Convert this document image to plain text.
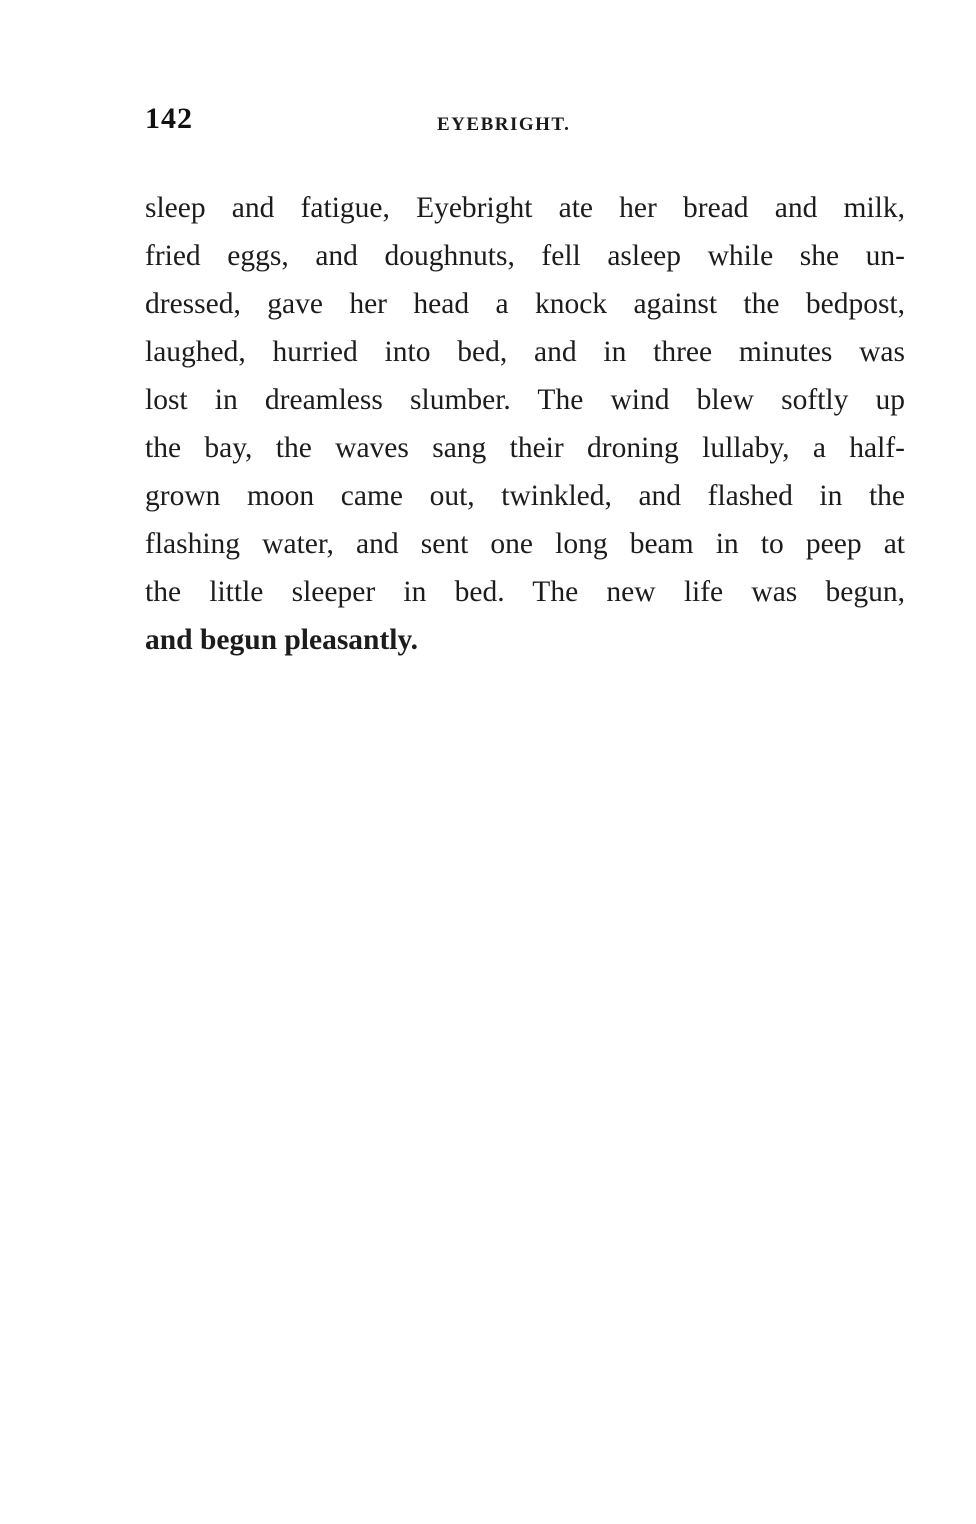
142	EYEBRIGHT.
sleep and fatigue, Eyebright ate her bread and milk,
fried eggs, and doughnuts, fell asleep while she un-
dressed, gave her head a knock against the bedpost,
laughed, hurried into bed, and in three minutes was
lost in dreamless slumber. The wind blew softly up
the bay, the waves sang their droning lullaby, a half-
grown moon came out, twinkled, and flashed in the
flashing water, and sent one long beam in to peep at
the little sleeper in bed. The new life was begun,
and begun pleasantly.
